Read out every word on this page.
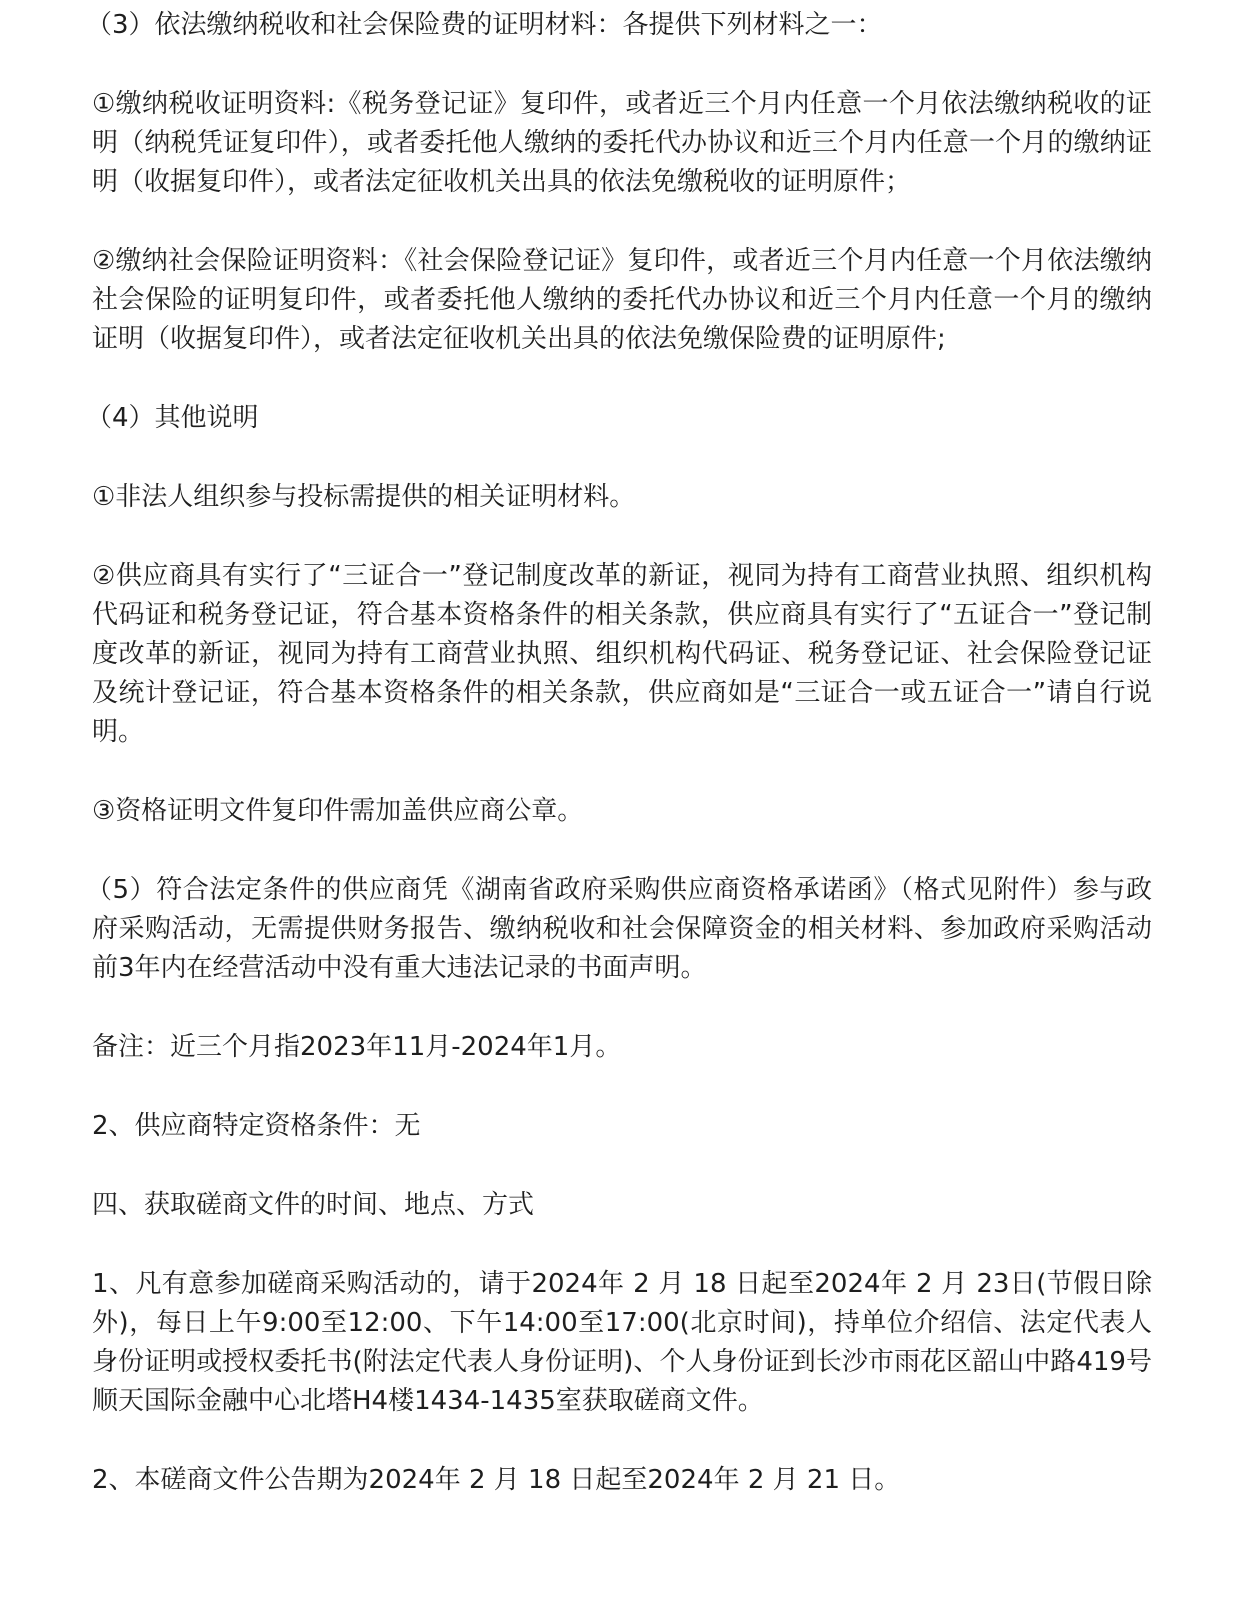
（3）依法缴纳税收和社会保险费的证明材料：各提供下列材料之一：

①缴纳税收证明资料:《税务登记证》复印件，或者近三个月内任意一个月依法缴纳税收的证明（纳税凭证复印件），或者委托他人缴纳的委托代办协议和近三个月内任意一个月的缴纳证明（收据复印件），或者法定征收机关出具的依法免缴税收的证明原件；

②缴纳社会保险证明资料：《社会保险登记证》复印件，或者近三个月内任意一个月依法缴纳社会保险的证明复印件，或者委托他人缴纳的委托代办协议和近三个月内任意一个月的缴纳证明（收据复印件），或者法定征收机关出具的依法免缴保险费的证明原件;

（4）其他说明

①非法人组织参与投标需提供的相关证明材料。

②供应商具有实行了“三证合一”登记制度改革的新证，视同为持有工商营业执照、组织机构代码证和税务登记证，符合基本资格条件的相关条款，供应商具有实行了“五证合一”登记制度改革的新证，视同为持有工商营业执照、组织机构代码证、税务登记证、社会保险登记证及统计登记证，符合基本资格条件的相关条款，供应商如是“三证合一或五证合一”请自行说明。

③资格证明文件复印件需加盖供应商公章。

（5）符合法定条件的供应商凭《湖南省政府采购供应商资格承诺函》（格式见附件）参与政府采购活动，无需提供财务报告、缴纳税收和社会保障资金的相关材料、参加政府采购活动前3年内在经营活动中没有重大违法记录的书面声明。

备注：近三个月指2023年11月-2024年1月。

2、供应商特定资格条件：无

四、获取磋商文件的时间、地点、方式

1、凡有意参加磋商采购活动的，请于2024年 2 月 18 日起至2024年 2 月 23日(节假日除外)，每日上午9:00至12:00、下午14:00至17:00(北京时间)，持单位介绍信、法定代表人身份证明或授权委托书(附法定代表人身份证明)、个人身份证到长沙市雨花区韶山中路419号顺天国际金融中心北塔H4楼1434-1435室获取磋商文件。

2、本磋商文件公告期为2024年 2 月 18 日起至2024年 2 月 21 日。
